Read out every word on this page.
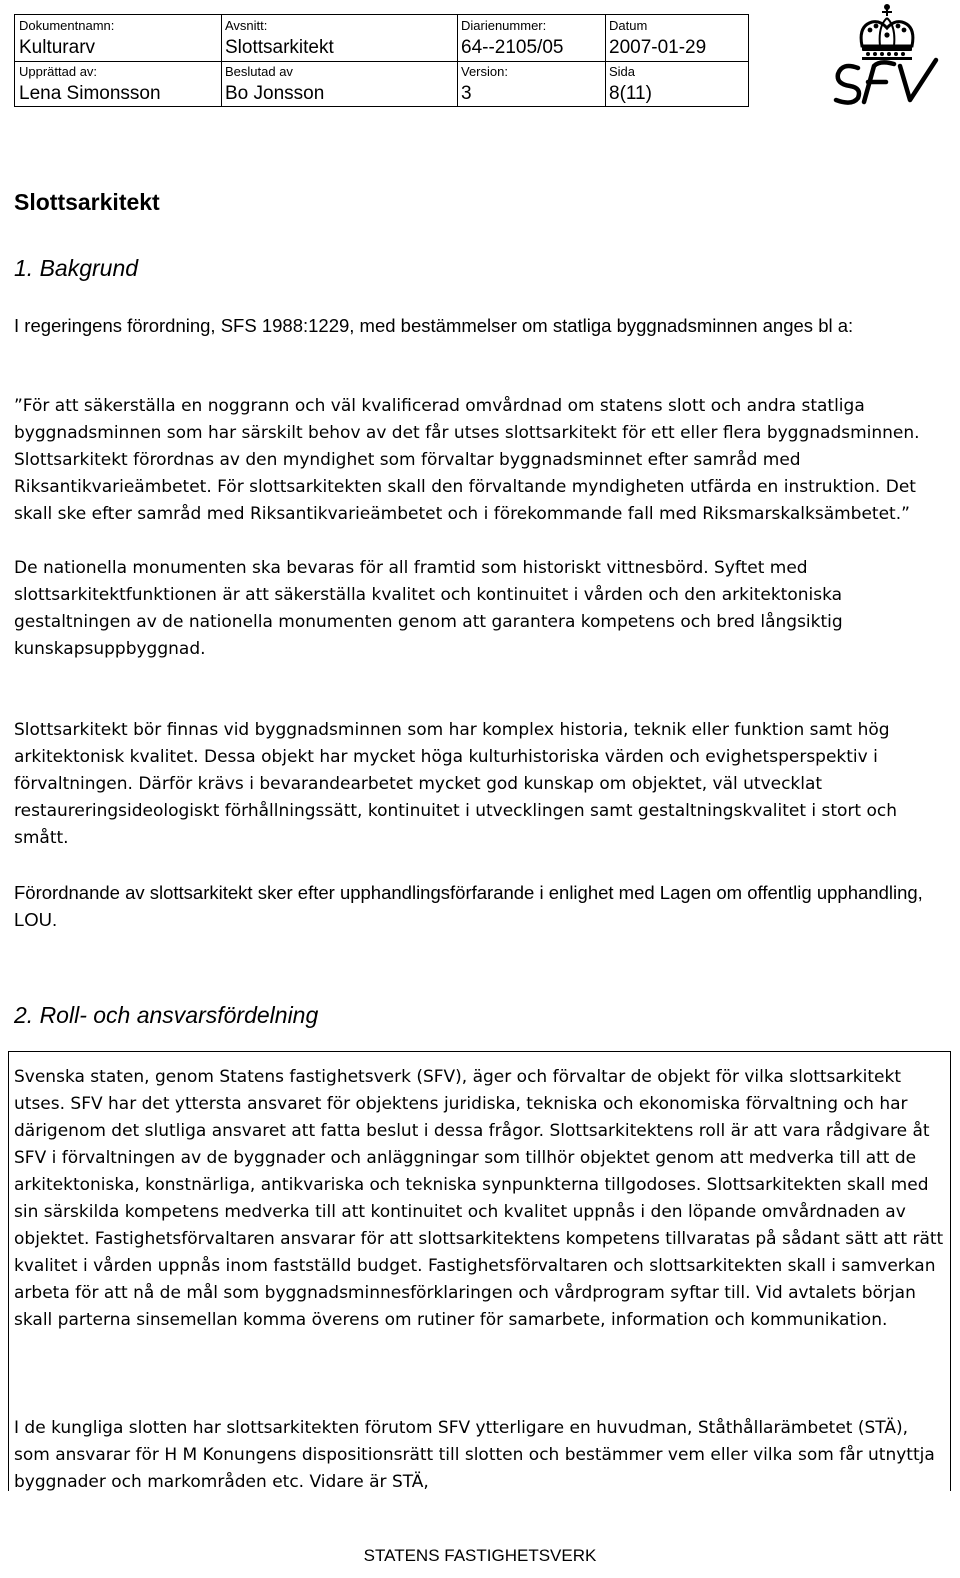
Dokumentnamn:
Kulturarv
Avsnitt:
Slottsarkitekt
Diarienummer:
64--2105/05
Datum
2007-01-29
Upprättad av:
Lena Simonsson
Beslutad av
Bo Jonsson
Version:
3
Sida
8(11)
Slottsarkitekt
1. Bakgrund

I regeringens förordning, SFS 1988:1229, med bestämmelser om statliga byggnadsminnen anges bl a:

”För att säkerställa en noggrann och väl kvalificerad omvårdnad om statens slott och andra statliga byggnadsminnen som har särskilt behov av det får utses slottsarkitekt för ett eller flera byggnadsminnen. Slottsarkitekt förordnas av den myndighet som förvaltar byggnadsminnet efter samråd med Riksantikvarieämbetet. För slottsarkitekten skall den förvaltande myndigheten utfärda en instruktion. Det skall ske efter samråd med Riksantikvarieämbetet och i förekommande fall med Riksmarskalksämbetet.”

De nationella monumenten ska bevaras för all framtid som historiskt vittnesbörd. Syftet med slottsarkitektfunktionen är att säkerställa kvalitet och kontinuitet i vården och den arkitektoniska gestaltningen av de nationella monumenten genom att garantera kompetens och bred långsiktig kunskapsuppbyggnad.

Slottsarkitekt bör finnas vid byggnadsminnen som har komplex historia, teknik eller funktion samt hög arkitektonisk kvalitet. Dessa objekt har mycket höga kulturhistoriska värden och evighetsperspektiv i förvaltningen. Därför krävs i bevarandearbetet mycket god kunskap om objektet, väl utvecklat restaureringsideologiskt förhållningssätt, kontinuitet i utvecklingen samt gestaltningskvalitet i stort och smått.

Förordnande av slottsarkitekt sker efter upphandlingsförfarande i enlighet med Lagen om offentlig upphandling, LOU.

2. Roll- och ansvarsfördelning

Svenska staten, genom Statens fastighetsverk (SFV), äger och förvaltar de objekt för vilka slottsarkitekt utses. SFV har det yttersta ansvaret för objektens juridiska, tekniska och ekonomiska förvaltning och har därigenom det slutliga ansvaret att fatta beslut i dessa frågor. Slottsarkitektens roll är att vara rådgivare åt SFV i förvaltningen av de byggnader och anläggningar som tillhör objektet genom att medverka till att de arkitektoniska, konstnärliga, antikvariska och tekniska synpunkterna tillgodoses. Slottsarkitekten skall med sin särskilda kompetens medverka till att kontinuitet och kvalitet uppnås i den löpande omvårdnaden av objektet. Fastighetsförvaltaren ansvarar för att slottsarkitektens kompetens tillvaratas på sådant sätt att rätt kvalitet i vården uppnås inom fastställd budget. Fastighetsförvaltaren och slottsarkitekten skall i samverkan arbeta för att nå de mål som byggnadsminnesförklaringen och vårdprogram syftar till. Vid avtalets början skall parterna sinsemellan komma överens om rutiner för samarbete, information och kommunikation.

I de kungliga slotten har slottsarkitekten förutom SFV ytterligare en huvudman, Ståthållarämbetet (STÄ), som ansvarar för H M Konungens dispositionsrätt till slotten och bestämmer vem eller vilka som får utnyttja byggnader och markområden etc. Vidare är STÄ,

STATENS FASTIGHETSVERK
